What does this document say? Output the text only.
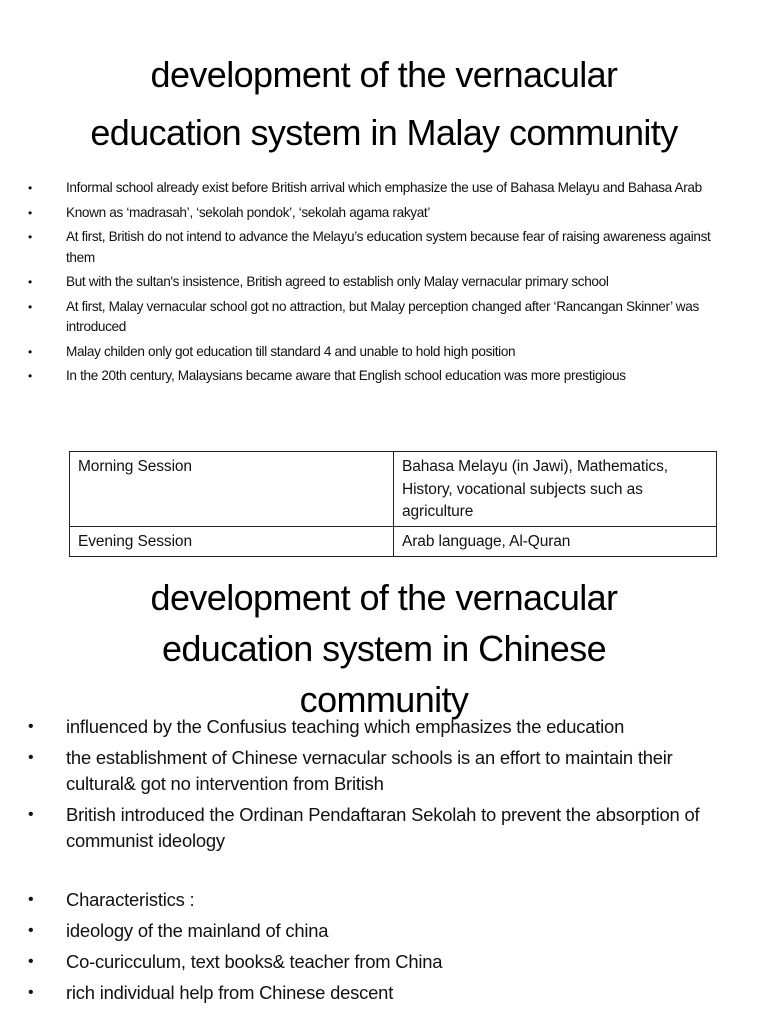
development of the vernacular
education system in Malay community
•	Informal school already exist before British arrival which emphasize the use of Bahasa Melayu and Bahasa Arab
•	Known as ‘madrasah’, ‘sekolah pondok’, ‘sekolah agama rakyat’
•	At first, British do not intend to advance the Melayu’s education system because fear of raising awareness against them
•	But with the sultan's insistence, British agreed to establish only Malay vernacular primary school
•	At first, Malay vernacular school got no attraction, but Malay perception changed after ‘Rancangan Skinner’ was introduced
•	Malay childen only got education till standard 4 and unable to hold high position
•	In the 20th century, Malaysians became aware that English school education was more prestigious
Morning Session	Bahasa Melayu (in Jawi), Mathematics, History, vocational subjects such as agriculture
Evening Session	Arab language, Al-Quran
development of the vernacular
education system in Chinese
community
• influenced by the Confusius teaching which emphasizes the education
• the establishment of Chinese vernacular schools is an effort to maintain their cultural& got no intervention from British
• British introduced the Ordinan Pendaftaran Sekolah to prevent the absorption of communist ideology
• Characteristics :
• ideology of the mainland of china
• Co-curicculum, text books& teacher from China
• rich individual help from Chinese descent
